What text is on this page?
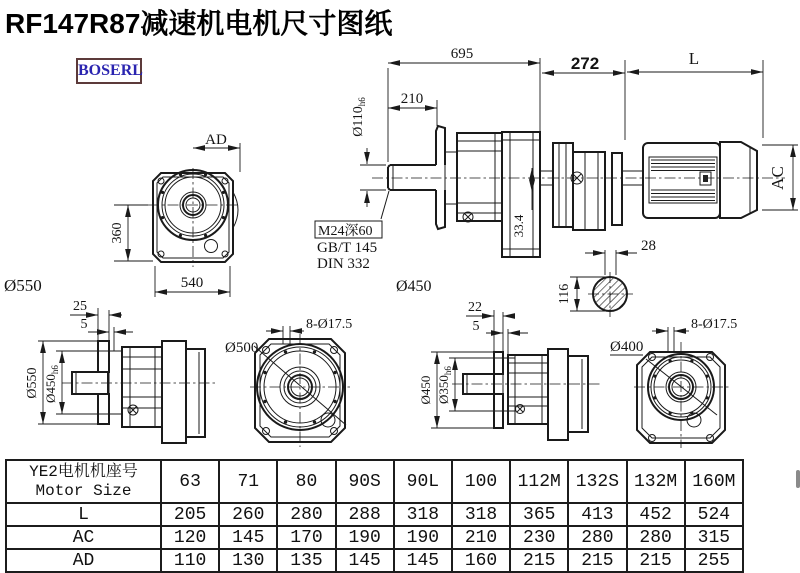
RF147R87减速机电机尺寸图纸
BOSERL
AD
360
540
Ø550
695
210
272	L
$Ø110_{h6}$
M24深60
GB/T 145
DIN 332
Ø450
33.4
AC
28
116
25
5
Ø550 $Ø450_{h6}$
Ø500
8-Ø17.5
22
5
Ø450 $Ø350_{h6}$
8-Ø17.5
Ø400
YE2电机机座号
Motor Size	63	71	80	90S	90L	100	112M	132S	132M	160M
L	205	260	280	288	318	318	365	413	452	524
AC	120	145	170	190	190	210	230	280	280	315
AD	110	130	135	145	145	160	215	215	215	255
